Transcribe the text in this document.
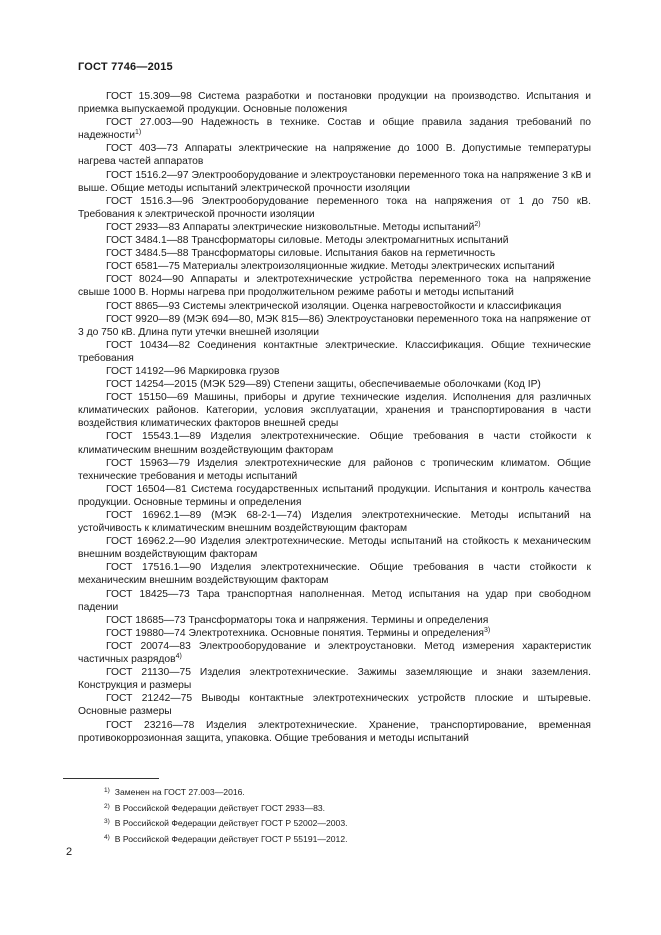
ГОСТ 7746—2015

ГОСТ 15.309—98 Система разработки и постановки продукции на производство. Испытания и приемка выпускаемой продукции. Основные положения

ГОСТ 27.003—90 Надежность в технике. Состав и общие правила задания требований по надежности$^{1)}$

ГОСТ 403—73 Аппараты электрические на напряжение до 1000 В. Допустимые температуры нагрева частей аппаратов

ГОСТ 1516.2—97 Электрооборудование и электроустановки переменного тока на напряжение 3 кВ и выше. Общие методы испытаний электрической прочности изоляции

ГОСТ 1516.3—96 Электрооборудование переменного тока на напряжения от 1 до 750 кВ. Требования к электрической прочности изоляции

ГОСТ 2933—83 Аппараты электрические низковольтные. Методы испытаний$^{2)}$

ГОСТ 3484.1—88 Трансформаторы силовые. Методы электромагнитных испытаний

ГОСТ 3484.5—88 Трансформаторы силовые. Испытания баков на герметичность

ГОСТ 6581—75 Материалы электроизоляционные жидкие. Методы электрических испытаний

ГОСТ 8024—90 Аппараты и электротехнические устройства переменного тока на напряжение свыше 1000 В. Нормы нагрева при продолжительном режиме работы и методы испытаний

ГОСТ 8865—93 Системы электрической изоляции. Оценка нагревостойкости и классификация

ГОСТ 9920—89 (МЭК 694—80, МЭК 815—86) Электроустановки переменного тока на напряжение от 3 до 750 кВ. Длина пути утечки внешней изоляции

ГОСТ 10434—82 Соединения контактные электрические. Классификация. Общие технические требования

ГОСТ 14192—96 Маркировка грузов

ГОСТ 14254—2015 (МЭК 529—89) Степени защиты, обеспечиваемые оболочками (Код IP)

ГОСТ 15150—69 Машины, приборы и другие технические изделия. Исполнения для различных климатических районов. Категории, условия эксплуатации, хранения и транспортирования в части воздействия климатических факторов внешней среды

ГОСТ 15543.1—89 Изделия электротехнические. Общие требования в части стойкости к климатическим внешним воздействующим факторам

ГОСТ 15963—79 Изделия электротехнические для районов с тропическим климатом. Общие технические требования и методы испытаний

ГОСТ 16504—81 Система государственных испытаний продукции. Испытания и контроль качества продукции. Основные термины и определения

ГОСТ 16962.1—89 (МЭК 68-2-1—74) Изделия электротехнические. Методы испытаний на устойчивость к климатическим внешним воздействующим факторам

ГОСТ 16962.2—90 Изделия электротехнические. Методы испытаний на стойкость к механическим внешним воздействующим факторам

ГОСТ 17516.1—90 Изделия электротехнические. Общие требования в части стойкости к механическим внешним воздействующим факторам

ГОСТ 18425—73 Тара транспортная наполненная. Метод испытания на удар при свободном падении

ГОСТ 18685—73 Трансформаторы тока и напряжения. Термины и определения

ГОСТ 19880—74 Электротехника. Основные понятия. Термины и определения$^{3)}$

ГОСТ 20074—83 Электрооборудование и электроустановки. Метод измерения характеристик частичных разрядов$^{4)}$

ГОСТ 21130—75 Изделия электротехнические. Зажимы заземляющие и знаки заземления. Конструкция и размеры

ГОСТ 21242—75 Выводы контактные электротехнических устройств плоские и штыревые. Основные размеры

ГОСТ 23216—78 Изделия электротехнические. Хранение, транспортирование, временная противокоррозионная защита, упаковка. Общие требования и методы испытаний

$^{1)}$ Заменен на ГОСТ 27.003—2016.

$^{2)}$ В Российской Федерации действует ГОСТ 2933—83.

$^{3)}$ В Российской Федерации действует ГОСТ Р 52002—2003.

$^{4)}$ В Российской Федерации действует ГОСТ Р 55191—2012.

2
